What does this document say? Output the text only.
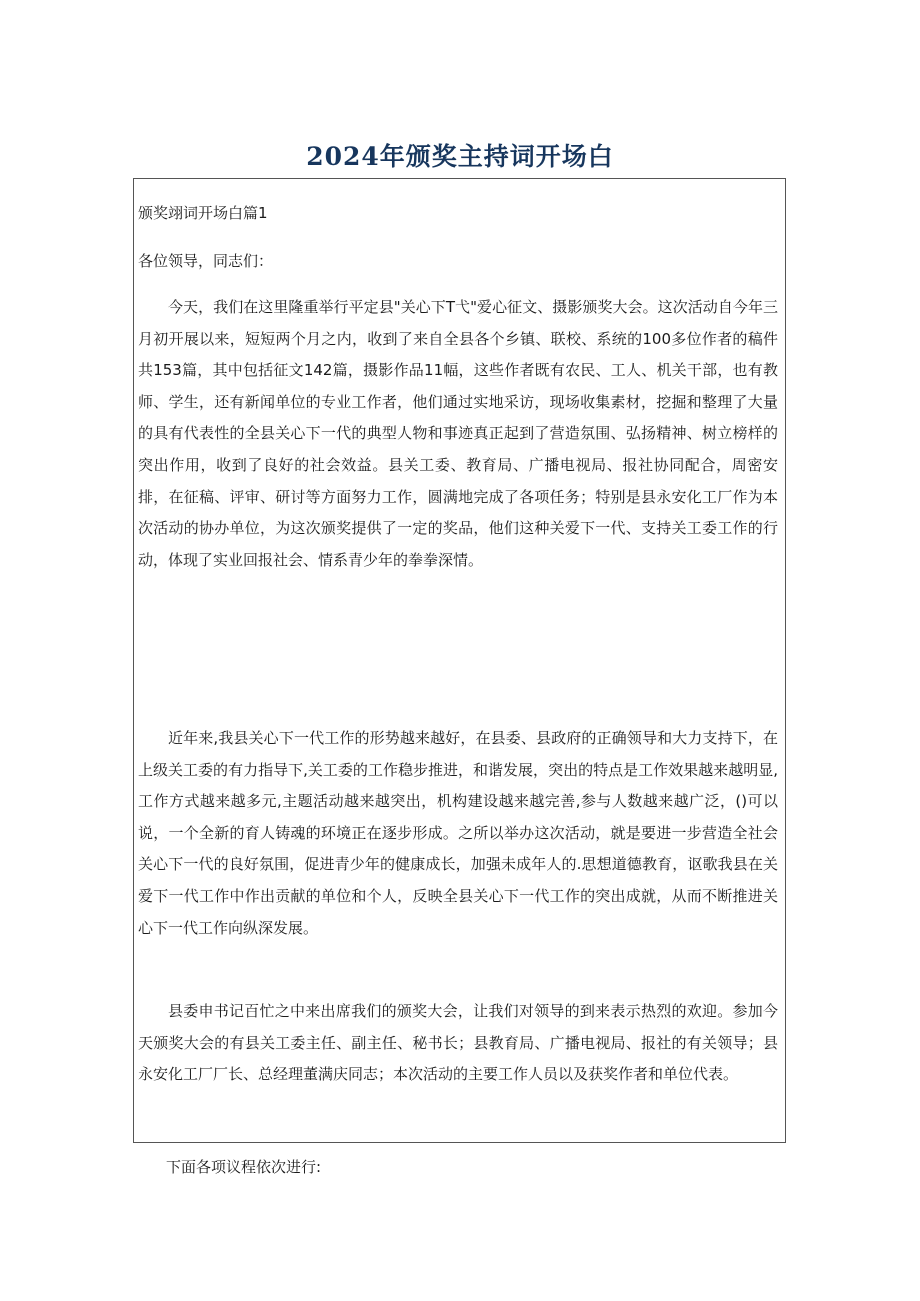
2024年颁奖主持词开场白
颁奖翊词开场白篇1
各位领导，同志们：

今天，我们在这里隆重举行平定县"关心下T弋"爱心征文、摄影颁奖大会。这次活动自今年三月初开展以来，短短两个月之内，收到了来自全县各个乡镇、联校、系统的100多位作者的稿件共153篇，其中包括征文142篇，摄影作品11幅，这些作者既有农民、工人、机关干部，也有教师、学生，还有新闻单位的专业工作者，他们通过实地采访，现场收集素材，挖掘和整理了大量的具有代表性的全县关心下一代的典型人物和事迹真正起到了营造氛围、弘扬精神、树立榜样的突出作用，收到了良好的社会效益。县关工委、教育局、广播电视局、报社协同配合，周密安排，在征稿、评审、研讨等方面努力工作，圆满地完成了各项任务；特别是县永安化工厂作为本次活动的协办单位，为这次颁奖提供了一定的奖品，他们这种关爱下一代、支持关工委工作的行动，体现了实业回报社会、情系青少年的拳拳深情。

近年来,我县关心下一代工作的形势越来越好，在县委、县政府的正确领导和大力支持下，在上级关工委的有力指导下,关工委的工作稳步推进，和谐发展，突出的特点是工作效果越来越明显,工作方式越来越多元,主题活动越来越突出，机构建设越来越完善,参与人数越来越广泛，()可以说，一个全新的育人铸魂的环境正在逐步形成。之所以举办这次活动，就是要进一步营造全社会关心下一代的良好氛围，促进青少年的健康成长，加强未成年人的.思想道德教育，讴歌我县在关爱下一代工作中作出贡献的单位和个人，反映全县关心下一代工作的突出成就，从而不断推进关心下一代工作向纵深发展。

县委申书记百忙之中来出席我们的颁奖大会，让我们对领导的到来表示热烈的欢迎。参加今天颁奖大会的有县关工委主任、副主任、秘书长；县教育局、广播电视局、报社的有关领导；县永安化工厂厂长、总经理董满庆同志；本次活动的主要工作人员以及获奖作者和单位代表。

下面各项议程依次进行:
